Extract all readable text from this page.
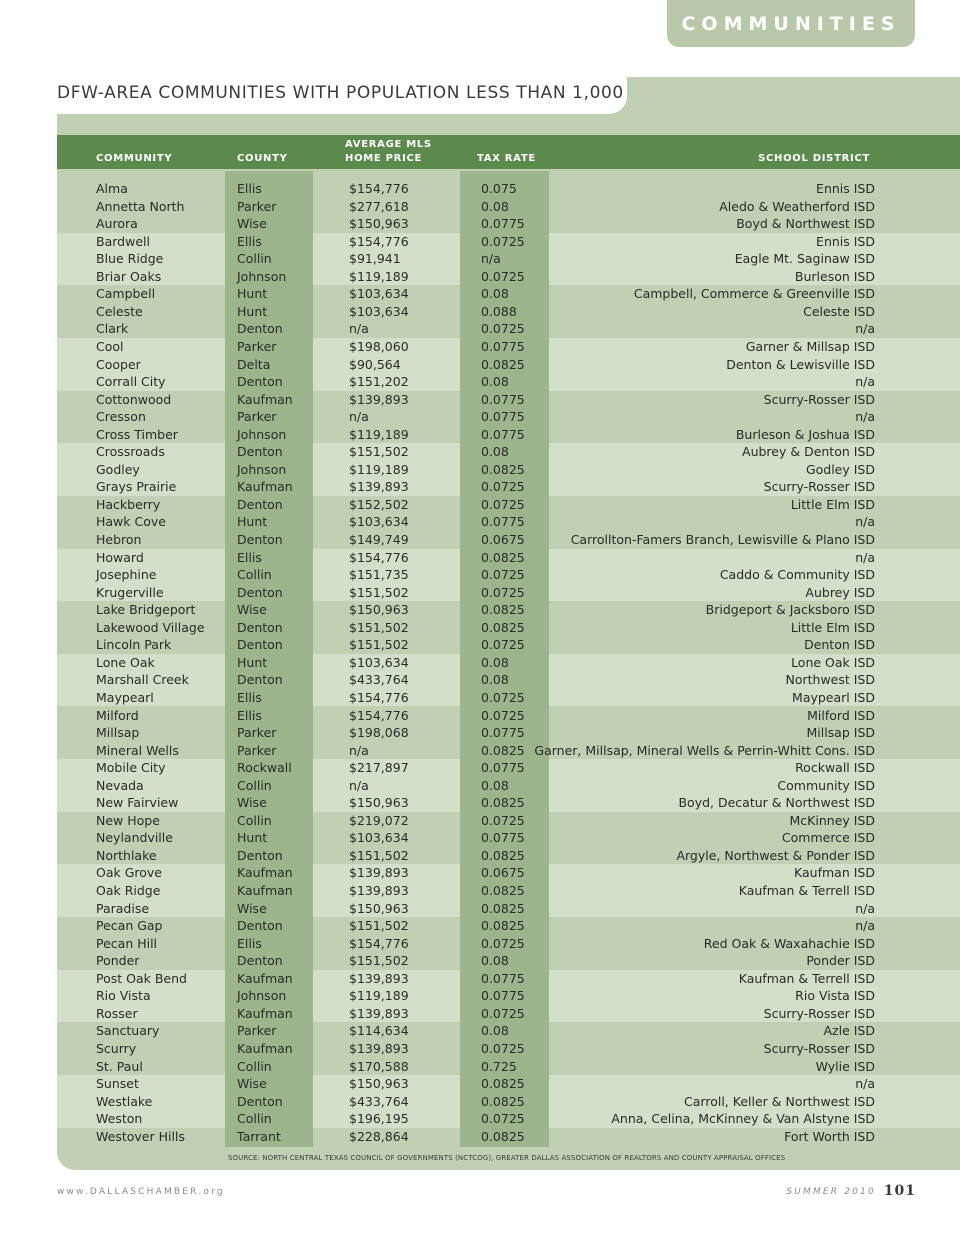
COMMUNITIES
DFW-AREA COMMUNITIES WITH POPULATION LESS THAN 1,000
COMMUNITY	COUNTY
AVERAGE MLS
HOME PRICE	TAX RATE	SCHOOL DISTRICT
Alma	Ellis	$154,776	0.075	Ennis ISD
Annetta North	Parker	$277,618	0.08	Aledo & Weatherford ISD
Aurora	Wise	$150,963	0.0775	Boyd & Northwest ISD
Bardwell	Ellis	$154,776	0.0725	Ennis ISD
Blue Ridge	Collin	$91,941	n/a	Eagle Mt. Saginaw ISD
Briar Oaks	Johnson	$119,189	0.0725	Burleson ISD
Campbell	Hunt	$103,634	0.08	Campbell, Commerce & Greenville ISD
Celeste	Hunt	$103,634	0.088	Celeste ISD
Clark	Denton	n/a	0.0725	n/a
Cool	Parker	$198,060	0.0775	Garner & Millsap ISD
Cooper	Delta	$90,564	0.0825	Denton & Lewisville ISD
Corrall City	Denton	$151,202	0.08	n/a
Cottonwood	Kaufman	$139,893	0.0775	Scurry-Rosser ISD
Cresson	Parker	n/a	0.0775	n/a
Cross Timber	Johnson	$119,189	0.0775	Burleson & Joshua ISD
Crossroads	Denton	$151,502	0.08	Aubrey & Denton ISD
Godley	Johnson	$119,189	0.0825	Godley ISD
Grays Prairie	Kaufman	$139,893	0.0725	Scurry-Rosser ISD
Hackberry	Denton	$152,502	0.0725	Little Elm ISD
Hawk Cove	Hunt	$103,634	0.0775	n/a
Hebron	Denton	$149,749	0.0675	Carrollton-Famers Branch, Lewisville & Plano ISD
Howard	Ellis	$154,776	0.0825	n/a
Josephine	Collin	$151,735	0.0725	Caddo & Community ISD
Krugerville	Denton	$151,502	0.0725	Aubrey ISD
Lake Bridgeport	Wise	$150,963	0.0825	Bridgeport & Jacksboro ISD
Lakewood Village	Denton	$151,502	0.0825	Little Elm ISD
Lincoln Park	Denton	$151,502	0.0725	Denton ISD
Lone Oak	Hunt	$103,634	0.08	Lone Oak ISD
Marshall Creek	Denton	$433,764	0.08	Northwest ISD
Maypearl	Ellis	$154,776	0.0725	Maypearl ISD
Milford	Ellis	$154,776	0.0725	Milford ISD
Millsap	Parker	$198,068	0.0775	Millsap ISD
Mineral Wells	Parker	n/a	0.0825 Garner, Millsap, Mineral Wells & Perrin-Whitt Cons. ISD
Mobile City	Rockwall	$217,897	0.0775	Rockwall ISD
Nevada	Collin	n/a	0.08	Community ISD
New Fairview	Wise	$150,963	0.0825	Boyd, Decatur & Northwest ISD
New Hope	Collin	$219,072	0.0725	McKinney ISD
Neylandville	Hunt	$103,634	0.0775	Commerce ISD
Northlake	Denton	$151,502	0.0825	Argyle, Northwest & Ponder ISD
Oak Grove	Kaufman	$139,893	0.0675	Kaufman ISD
Oak Ridge	Kaufman	$139,893	0.0825	Kaufman & Terrell ISD
Paradise	Wise	$150,963	0.0825	n/a
Pecan Gap	Denton	$151,502	0.0825	n/a
Pecan Hill	Ellis	$154,776	0.0725	Red Oak & Waxahachie ISD
Ponder	Denton	$151,502	0.08	Ponder ISD
Post Oak Bend	Kaufman	$139,893	0.0775	Kaufman & Terrell ISD
Rio Vista	Johnson	$119,189	0.0775	Rio Vista ISD
Rosser	Kaufman	$139,893	0.0725	Scurry-Rosser ISD
Sanctuary	Parker	$114,634	0.08	Azle ISD
Scurry	Kaufman	$139,893	0.0725	Scurry-Rosser ISD
St. Paul	Collin	$170,588	0.725	Wylie ISD
Sunset	Wise	$150,963	0.0825	n/a
Westlake	Denton	$433,764	0.0825	Carroll, Keller & Northwest ISD
Weston	Collin	$196,195	0.0725	Anna, Celina, McKinney & Van Alstyne ISD
Westover Hills	Tarrant	$228,864	0.0825	Fort Worth ISD
SOURCE: NORTH CENTRAL TEXAS COUNCIL OF GOVERNMENTS (NCTCOG), GREATER DALLAS ASSOCIATION OF REALTORS AND COUNTY APPRAISAL OFFICES
www.DALLASCHAMBER.org	SUMMER 2010 101
